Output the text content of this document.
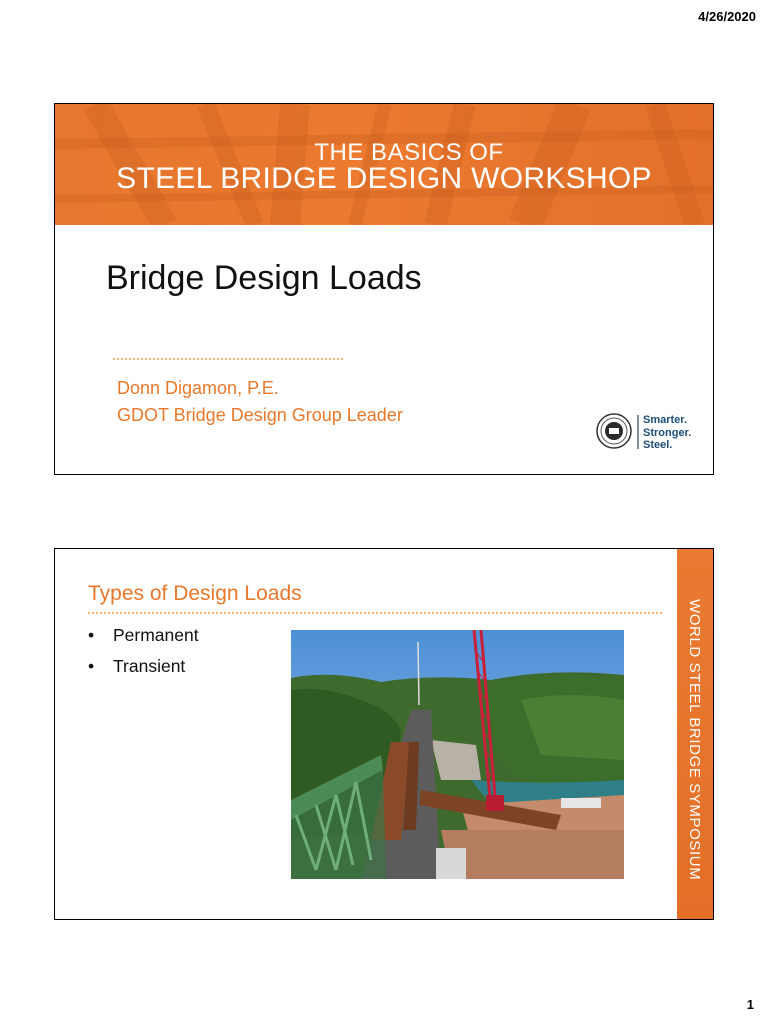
4/26/2020
THE BASICS OF
STEEL BRIDGE DESIGN WORKSHOP
Bridge Design Loads
Donn Digamon, P.E.
GDOT Bridge Design Group Leader	Smarter.
Stronger.
Steel.
Types of Design Loads
• Permanent
• Transient	WORLD STEEL BRIDGE SYMPOSIUM
1
